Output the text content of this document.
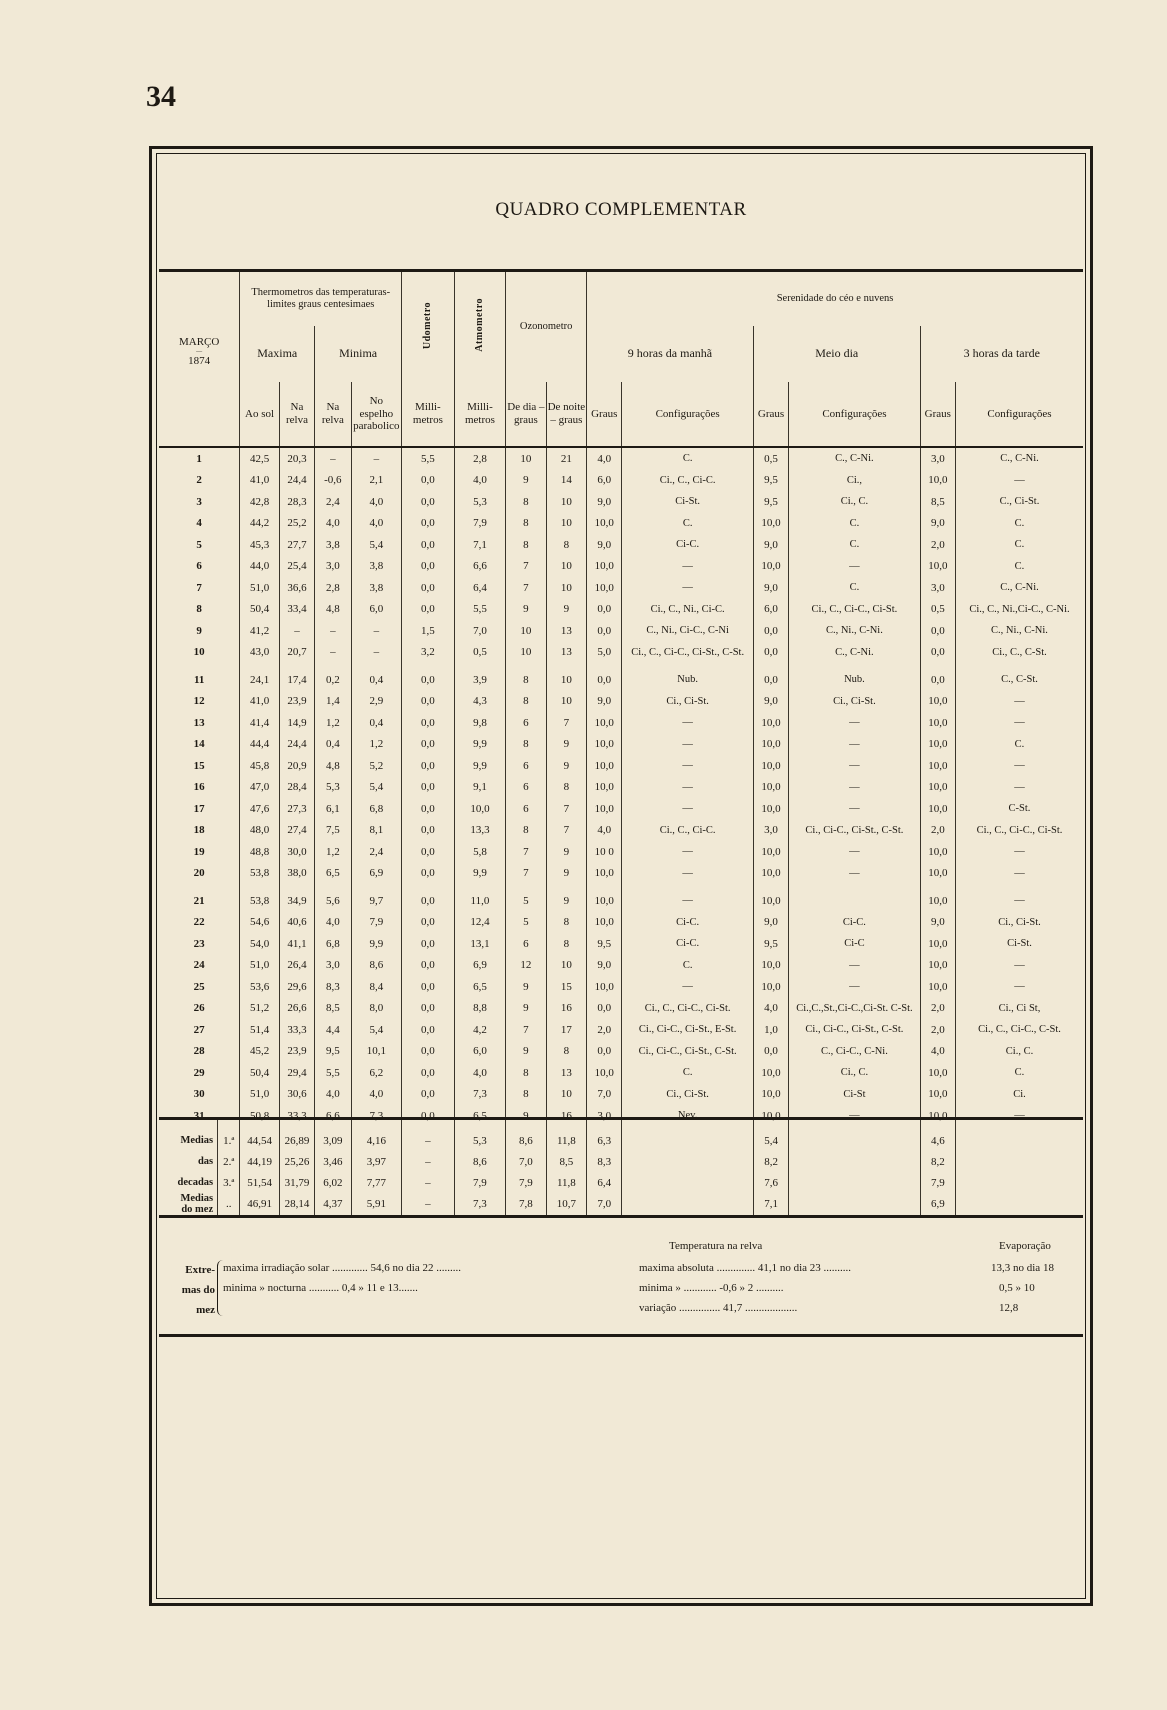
34
QUADRO COMPLEMENTAR
MARÇO
—
1874	Thermometros das temperaturas-limites graus centesimaes				Udometro	Atmometro	Ozonometro		Serenidade do céo e nuvens					
	Maxima		Minima						9 horas da manhã		Meio dia		3 horas da tarde	
	Ao sol	Na relva	Na relva	No espelho parabolico	Milli-metros	Milli-metros	De dia – graus	De noite – graus	Graus	Configurações	Graus	Configurações	Graus	Configurações
1	42,5	20,3	–	–	5,5	2,8	10	21	4,0	C.	0,5	C., C-Ni.	3,0	C., C-Ni.
2	41,0	24,4	-0,6	2,1	0,0	4,0	9	14	6,0	Ci., C., Ci-C.	9,5	Ci.,	10,0	—
3	42,8	28,3	2,4	4,0	0,0	5,3	8	10	9,0	Ci-St.	9,5	Ci., C.	8,5	C., Ci-St.
4	44,2	25,2	4,0	4,0	0,0	7,9	8	10	10,0	C.	10,0	C.	9,0	C.
5	45,3	27,7	3,8	5,4	0,0	7,1	8	8	9,0	Ci-C.	9,0	C.	2,0	C.
6	44,0	25,4	3,0	3,8	0,0	6,6	7	10	10,0	—	10,0	—	10,0	C.
7	51,0	36,6	2,8	3,8	0,0	6,4	7	10	10,0	—	9,0	C.	3,0	C., C-Ni.
8	50,4	33,4	4,8	6,0	0,0	5,5	9	9	0,0	Ci., C., Ni., Ci-C.	6,0	Ci., C., Ci-C., Ci-St.	0,5	Ci., C., Ni.,Ci-C., C-Ni.
9	41,2	–	–	–	1,5	7,0	10	13	0,0	C., Ni., Ci-C., C-Ni	0,0	C., Ni., C-Ni.	0,0	C., Ni., C-Ni.
10	43,0	20,7	–	–	3,2	0,5	10	13	5,0	Ci., C., Ci-C., Ci-St., C-St.	0,0	C., C-Ni.	0,0	Ci., C., C-St.

11	24,1	17,4	0,2	0,4	0,0	3,9	8	10	0,0	Nub.	0,0	Nub.	0,0	C., C-St.
12	41,0	23,9	1,4	2,9	0,0	4,3	8	10	9,0	Ci., Ci-St.	9,0	Ci., Ci-St.	10,0	—
13	41,4	14,9	1,2	0,4	0,0	9,8	6	7	10,0	—	10,0	—	10,0	—
14	44,4	24,4	0,4	1,2	0,0	9,9	8	9	10,0	—	10,0	—	10,0	C.
15	45,8	20,9	4,8	5,2	0,0	9,9	6	9	10,0	—	10,0	—	10,0	—
16	47,0	28,4	5,3	5,4	0,0	9,1	6	8	10,0	—	10,0	—	10,0	—
17	47,6	27,3	6,1	6,8	0,0	10,0	6	7	10,0	—	10,0	—	10,0	C-St.
18	48,0	27,4	7,5	8,1	0,0	13,3	8	7	4,0	Ci., C., Ci-C.	3,0	Ci., Ci-C., Ci-St., C-St.	2,0	Ci., C., Ci-C., Ci-St.
19	48,8	30,0	1,2	2,4	0,0	5,8	7	9	10 0	—	10,0	—	10,0	—
20	53,8	38,0	6,5	6,9	0,0	9,9	7	9	10,0	—	10,0	—	10,0	—

21	53,8	34,9	5,6	9,7	0,0	11,0	5	9	10,0	—	10,0		10,0	—
22	54,6	40,6	4,0	7,9	0,0	12,4	5	8	10,0	Ci-C.	9,0	Ci-C.	9,0	Ci., Ci-St.
23	54,0	41,1	6,8	9,9	0,0	13,1	6	8	9,5	Ci-C.	9,5	Ci-C	10,0	Ci-St.
24	51,0	26,4	3,0	8,6	0,0	6,9	12	10	9,0	C.	10,0	—	10,0	—
25	53,6	29,6	8,3	8,4	0,0	6,5	9	15	10,0	—	10,0	—	10,0	—
26	51,2	26,6	8,5	8,0	0,0	8,8	9	16	0,0	Ci., C., Ci-C., Ci-St.	4,0	Ci.,C.,St.,Ci-C.,Ci-St. C-St.	2,0	Ci., Ci St,
27	51,4	33,3	4,4	5,4	0,0	4,2	7	17	2,0	Ci., Ci-C., Ci-St., E-St.	1,0	Ci., Ci-C., Ci-St., C-St.	2,0	Ci., C., Ci-C., C-St.
28	45,2	23,9	9,5	10,1	0,0	6,0	9	8	0,0	Ci., Ci-C., Ci-St., C-St.	0,0	C., Ci-C., C-Ni.	4,0	Ci., C.
29	50,4	29,4	5,5	6,2	0,0	4,0	8	13	10,0	C.	10,0	Ci., C.	10,0	C.
30	51,0	30,6	4,0	4,0	0,0	7,3	8	10	7,0	Ci., Ci-St.	10,0	Ci-St	10,0	Ci.
31	50,8	33,3	6,6	7,3	0,0	6,5	9	16	3,0	Nev.	10,0	—	10,0	—
Medias	1.ª	44,54	26,89	3,09	4,16	–	5,3	8,6	11,8	6,3		5,4		4,6	

das	2.ª	44,19	25,26	3,46	3,97	–	8,6	7,0	8,5	8,3		8,2		8,2	

decadas	3.ª	51,54	31,79	6,02	7,77	–	7,9	7,9	11,8	6,4		7,6		7,9	

Medias
do mez	..	46,91	28,14	4,37	5,91	–	7,3	7,8	10,7	7,0		7,1		6,9	
Extre-
mas do
mez
Temperatura na relva	Evaporação
maxima irradiação solar ............. 54,6 no dia 22 .........	maxima absoluta .............. 41,1 no dia 23 ..........	13,3 no dia 18
minima » nocturna ........... 0,4 » 11 e 13.......	minima » ............ -0,6 » 2 ..........	0,5 » 10
variação ............... 41,7 ...................	12,8
